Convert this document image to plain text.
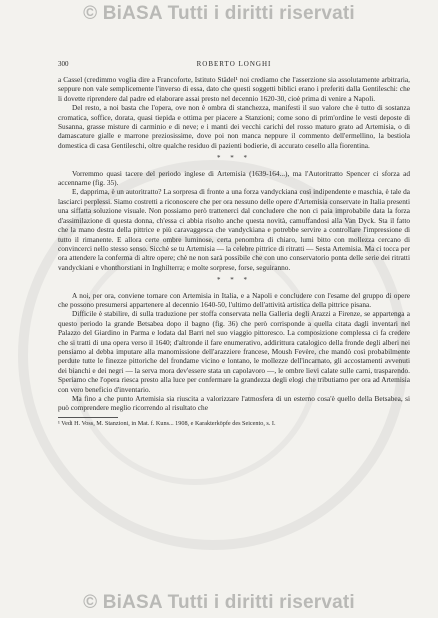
© BiASA Tutti i diritti riservati
300	ROBERTO LONGHI

a Cassel (credimmo voglia dire a Francoforte, Istituto Städel¹ noi crediamo che l'asserzione sia assolutamente arbitraria, seppure non vale semplicemente l'inverso di essa, dato che questi soggetti biblici erano i preferiti dalla Gentileschi: che li dovette riprendere dal padre ed elaborare assai presto nel decennio 1620-30, cioè prima di venire a Napoli.

Del resto, a noi basta che l'opera, ove non è ombra di stanchezza, manifesti il suo valore che è tutto di sostanza cromatica, soffice, dorata, quasi tiepida e ottima per piacere a Stanzioni; come sono di prim'ordine le vesti deposte di Susanna, grasse misture di carminio e di neve; e i manti dei vecchi carichi del rosso maturo grato ad Artemisia, o di damascature gialle e marrone preziosissime, dove poi non manca neppure il commento dell'ermellino, la bestiola domestica di casa Gentileschi, oltre qualche residuo di pazienti bodierie, di accurato cesello alla fiorentina.

* * *

Vorremmo quasi tacere del periodo inglese di Artemisia (1639-164...), ma l'Autoritratto Spencer ci sforza ad accennarne (fig. 35).

E, dapprima, è un autoritratto? La sorpresa di fronte a una forza vandyckiana così indipendente e maschia, è tale da lasciarci perplessi. Siamo costretti a riconoscere che per ora nessuno delle opere d'Artemisia conservate in Italia presenti una siffatta soluzione visuale. Non possiamo però trattenerci dal concludere che non ci paia improbabile data la forza d'assimilazione di questa donna, ch'essa ci abbia risolto anche questa novità, camuffandosi alla Van Dyck. Sta il fatto che la mano destra della pittrice e più caravaggesca che vandyckiana e potrebbe servire a controllare l'impressione di tutto il rimanente. E allora certe ombre luminose, certa penombra di chiaro, lumi bitto con mollezza cercano di convincerci nello stesso senso. Sicchè se tu Artemisia — la celebre pittrice di ritratti — Sesta Artemisia. Ma ci tocca per ora attendere la conferma di altre opere; chè ne non sarà possibile che con uno conservatorio ponta delle serie dei ritratti vandyckiani e vhonthorstiani in Inghilterra; e molte sorprese, forse, seguiranno.

* * *

A noi, per ora, conviene tornare con Artemisia in Italia, e a Napoli e concludere con l'esame del gruppo di opere che possono presumersi appartenere al decennio 1640-50, l'ultimo dell'attività artistica della pittrice pisana.

Difficile è stabilire, di sulla traduzione per stoffa conservata nella Galleria degli Arazzi a Firenze, se appartenga a questo periodo la grande Betsabea dopo il bagno (fig. 36) che però corrisponde a quella citata dagli inventari nel Palazzo del Giardino in Parma e lodata dal Barri nel suo viaggio pittoresco. La composizione complessa ci fa credere che si tratti di una opera verso il 1640; d'altronde il fare enumerativo, addirittura catalogico della fronde degli alberi nei pensiamo al debba imputare alla manomissione dell'arazziere francese, Moush Fevère, che mandò così probabilmente perdute tutte le finezze pittoriche del frondame vicino e lontano, le mollezze dell'incarnato, gli accostamenti avvenuti dei bianchi e dei negri — la serva mora dev'essere stata un capolavoro —, le ombre lievi calate sulle carni, trasparendo. Speriamo che l'opera riesca presto alla luce per confermare la grandezza degli elogi che tributiamo per ora ad Artemisia con vero beneficio d'inventario.

Ma fino a che punto Artemisia sia riuscita a valorizzare l'atmosfera di un esterno cosa'è quello della Betsabea, si può comprendere meglio ricorrendo al risultato che

¹ Vedi H. Voss, M. Stanzioni, in Mat. f. Kuns... 1908, e Karakterköpfe des Seicento, s. I.
© BiASA Tutti i diritti riservati
